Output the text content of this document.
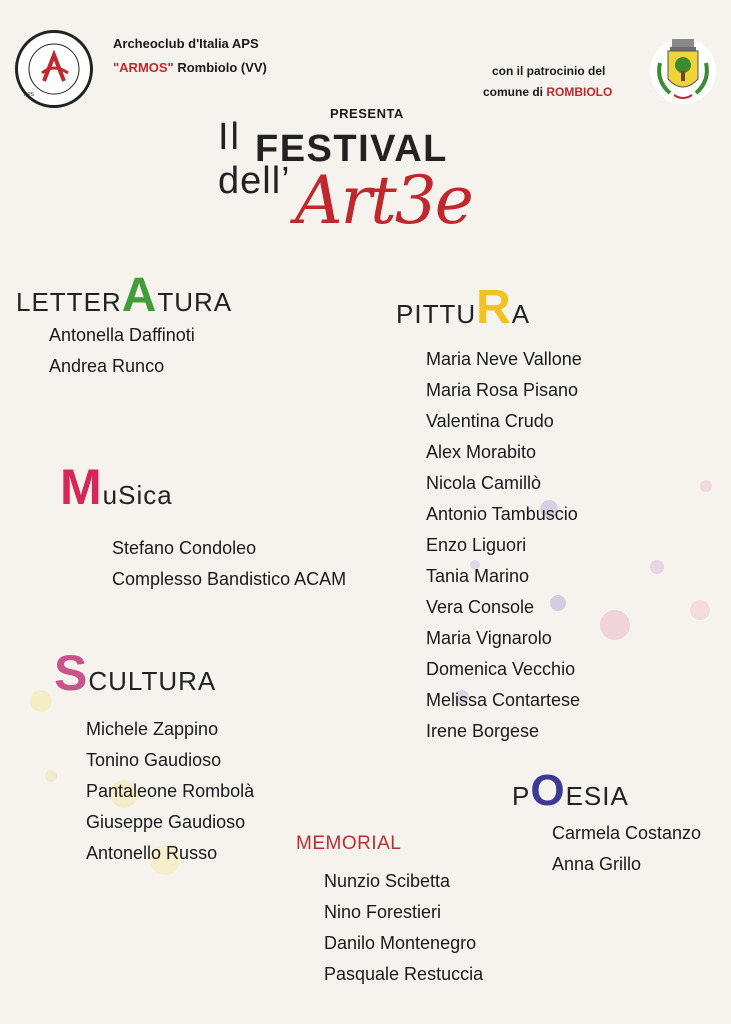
APS
Archeoclub d'Italia APS
"ARMOS" Rombiolo (VV)	con il patrocinio del
comune di ROMBIOLO
PRESENTA
Il FESTIVAL
dell’ Art3e
LETTERATURA
Antonella Daffinoti
Andrea Runco
PITTURA
Maria Neve Vallone
Maria Rosa Pisano
Valentina Crudo
Alex Morabito
Nicola Camillò
Antonio Tambuscio
Enzo Liguori
Tania Marino
Vera Console
Maria Vignarolo
Domenica Vecchio
Melissa Contartese
Irene Borgese
MuSica
Stefano Condoleo
Complesso Bandistico ACAM
SCULTURA
Michele Zappino
Tonino Gaudioso
Pantaleone Rombolà
Giuseppe Gaudioso
Antonello Russo
POESIA
Carmela Costanzo
Anna Grillo
MEMORIAL
Nunzio Scibetta
Nino Forestieri
Danilo Montenegro
Pasquale Restuccia
